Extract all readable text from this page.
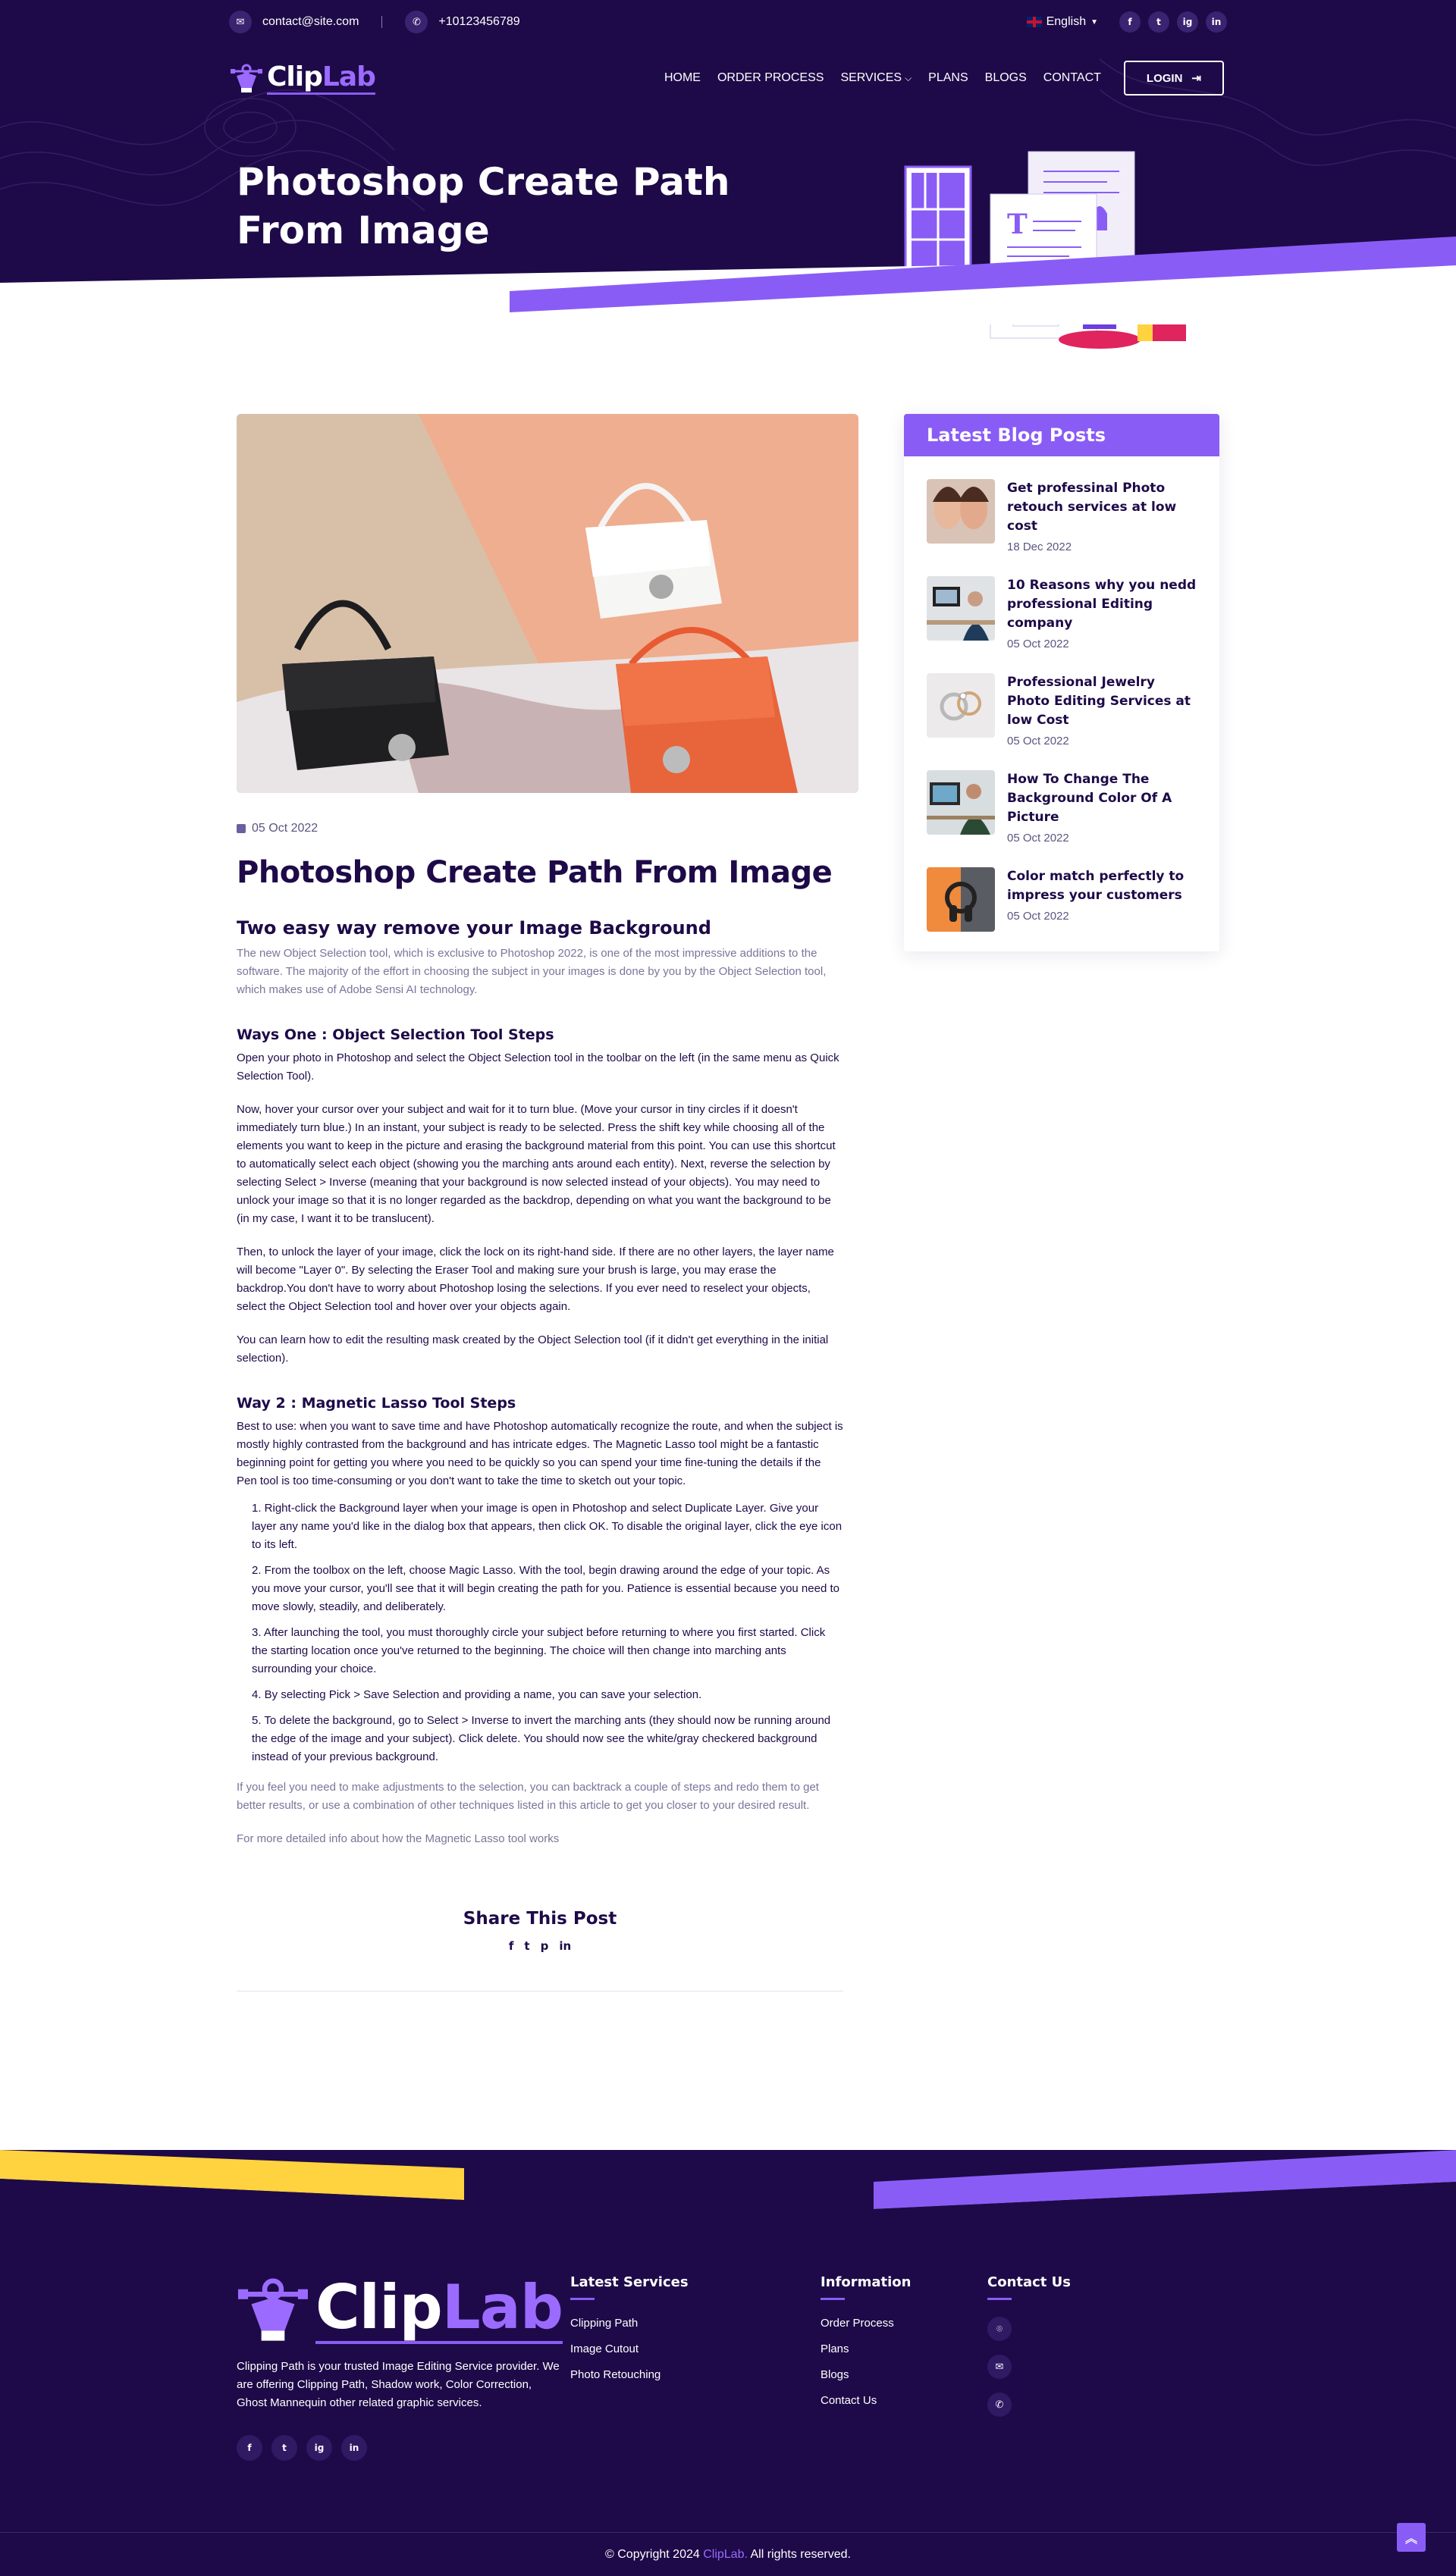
✉	contact@site.com	✆	+10123456789	English ▼	f	t	ig	in
ClipLab	HOME ORDER PROCESS SERVICES ⌵ PLANS BLOGS CONTACT	LOGIN ⇥
Photoshop Create Path
From Image	T
05 Oct 2022
Photoshop Create Path From Image
Two easy way remove your Image Background

The new Object Selection tool, which is exclusive to Photoshop 2022, is one of the most impressive additions to the software. The majority of the effort in choosing the subject in your images is done by you by the Object Selection tool, which makes use of Adobe Sensi AI technology.

Ways One : Object Selection Tool Steps

Open your photo in Photoshop and select the Object Selection tool in the toolbar on the left (in the same menu as Quick Selection Tool).

Now, hover your cursor over your subject and wait for it to turn blue. (Move your cursor in tiny circles if it doesn't immediately turn blue.) In an instant, your subject is ready to be selected. Press the shift key while choosing all of the elements you want to keep in the picture and erasing the background material from this point. You can use this shortcut to automatically select each object (showing you the marching ants around each entity). Next, reverse the selection by selecting Select > Inverse (meaning that your background is now selected instead of your objects). You may need to unlock your image so that it is no longer regarded as the backdrop, depending on what you want the background to be (in my case, I want it to be translucent).

Then, to unlock the layer of your image, click the lock on its right-hand side. If there are no other layers, the layer name will become "Layer 0". By selecting the Eraser Tool and making sure your brush is large, you may erase the backdrop.You don't have to worry about Photoshop losing the selections. If you ever need to reselect your objects, select the Object Selection tool and hover over your objects again.

You can learn how to edit the resulting mask created by the Object Selection tool (if it didn't get everything in the initial selection).

Way 2 : Magnetic Lasso Tool Steps

Best to use: when you want to save time and have Photoshop automatically recognize the route, and when the subject is mostly highly contrasted from the background and has intricate edges. The Magnetic Lasso tool might be a fantastic beginning point for getting you where you need to be quickly so you can spend your time fine-tuning the details if the Pen tool is too time-consuming or you don't want to take the time to sketch out your topic.

1. Right-click the Background layer when your image is open in Photoshop and select Duplicate Layer. Give your layer any name you'd like in the dialog box that appears, then click OK. To disable the original layer, click the eye icon to its left.
2. From the toolbox on the left, choose Magic Lasso. With the tool, begin drawing around the edge of your topic. As you move your cursor, you'll see that it will begin creating the path for you. Patience is essential because you need to move slowly, steadily, and deliberately.
3. After launching the tool, you must thoroughly circle your subject before returning to where you first started. Click the starting location once you've returned to the beginning. The choice will then change into marching ants surrounding your choice.
4. By selecting Pick > Save Selection and providing a name, you can save your selection.
5. To delete the background, go to Select > Inverse to invert the marching ants (they should now be running around the edge of the image and your subject). Click delete. You should now see the white/gray checkered background instead of your previous background.

If you feel you need to make adjustments to the selection, you can backtrack a couple of steps and redo them to get better results, or use a combination of other techniques listed in this article to get you closer to your desired result.

For more detailed info about how the Magnetic Lasso tool works

Share This Post
f t p in
Latest Blog Posts
Get professinal Photo retouch services at low cost
18 Dec 2022
10 Reasons why you nedd professional Editing company
05 Oct 2022
Professional Jewelry Photo Editing Services at low Cost
05 Oct 2022
How To Change The Background Color Of A Picture
05 Oct 2022
Color match perfectly to impress your customers
05 Oct 2022
ClipLab

Clipping Path is your trusted Image Editing Service provider. We are offering Clipping Path, Shadow work, Color Correction, Ghost Mannequin other related graphic services.

f	t	ig	in
Latest Services
Clipping Path
Image Cutout
Photo Retouching
Information
Order Process
Plans
Blogs
Contact Us
Contact Us
⌾	4517 Washington Ave. , New York
✉	contact@site.com
✆	+10123456789
© Copyright 2024 ClipLab. All rights reserved.
︽
